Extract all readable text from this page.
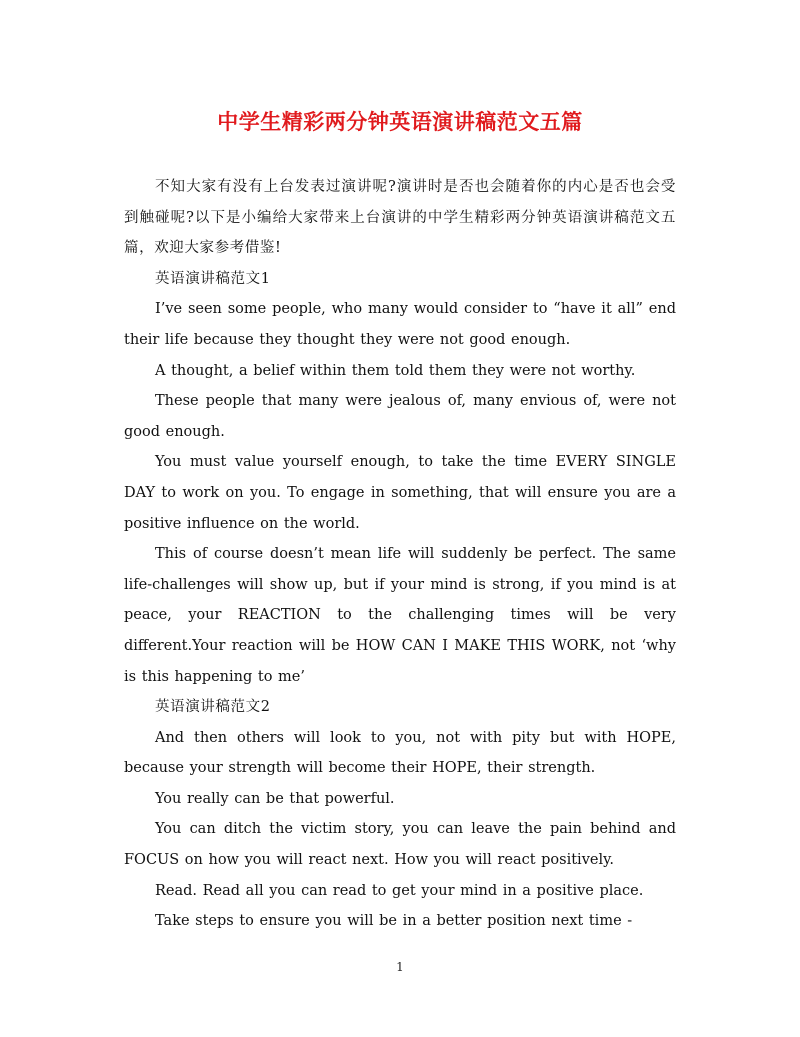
中学生精彩两分钟英语演讲稿范文五篇

不知大家有没有上台发表过演讲呢?演讲时是否也会随着你的内心是否也会受到触碰呢?以下是小编给大家带来上台演讲的中学生精彩两分钟英语演讲稿范文五篇，欢迎大家参考借鉴!

英语演讲稿范文1

I’ve seen some people, who many would consider to “have it all” end their life because they thought they were not good enough.

A thought, a belief within them told them they were not worthy.

These people that many were jealous of, many envious of, were not good enough.

You must value yourself enough, to take the time EVERY SINGLE DAY to work on you. To engage in something, that will ensure you are a positive influence on the world.

This of course doesn’t mean life will suddenly be perfect. The same life-challenges will show up, but if your mind is strong, if you mind is at peace, your REACTION to the challenging times will be very different.Your reaction will be HOW CAN I MAKE THIS WORK, not ‘why is this happening to me’

英语演讲稿范文2

And then others will look to you, not with pity but with HOPE, because your strength will become their HOPE, their strength.

You really can be that powerful.

You can ditch the victim story, you can leave the pain behind and FOCUS on how you will react next. How you will react positively.

Read. Read all you can read to get your mind in a positive place.

Take steps to ensure you will be in a better position next time -

1
